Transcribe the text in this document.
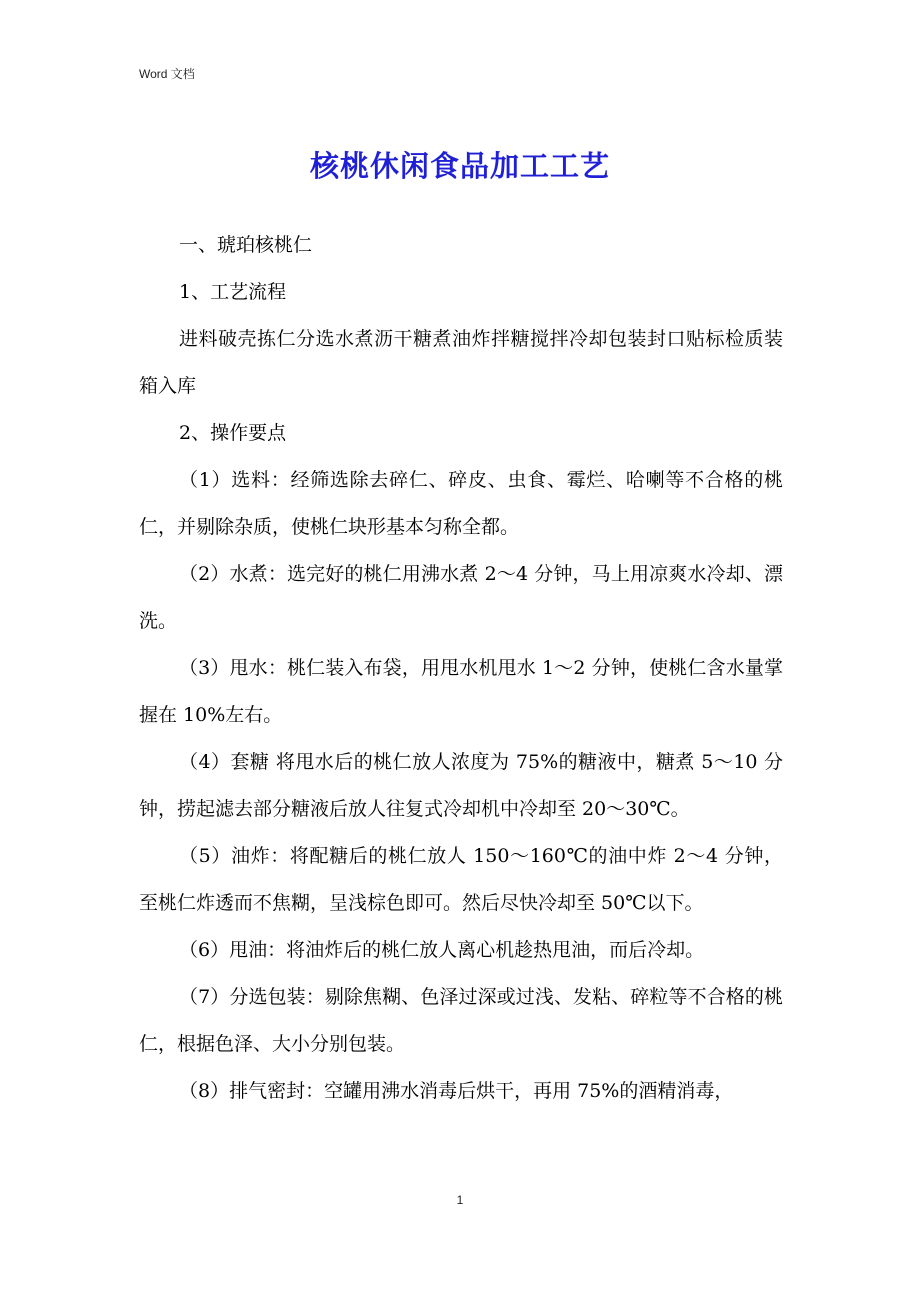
Word 文档
核桃休闲食品加工工艺

一、琥珀核桃仁

1、工艺流程

进料破壳拣仁分选水煮沥干糖煮油炸拌糖搅拌冷却包装封口贴标检质装箱入库

2、操作要点

（1）选料：经筛选除去碎仁、碎皮、虫食、霉烂、哈喇等不合格的桃仁，并剔除杂质，使桃仁块形基本匀称全都。

（2）水煮：选完好的桃仁用沸水煮 2～4 分钟，马上用凉爽水冷却、漂洗。

（3）甩水：桃仁装入布袋，用甩水机甩水 1～2 分钟，使桃仁含水量掌握在 10%左右。

（4）套糖 将甩水后的桃仁放人浓度为 75%的糖液中，糖煮 5～10 分钟，捞起滤去部分糖液后放人往复式冷却机中冷却至 20～30℃。

（5）油炸：将配糖后的桃仁放人 150～160℃的油中炸 2～4 分钟，至桃仁炸透而不焦糊，呈浅棕色即可。然后尽快冷却至 50℃以下。

（6）甩油：将油炸后的桃仁放人离心机趁热甩油，而后冷却。

（7）分选包装：剔除焦糊、色泽过深或过浅、发粘、碎粒等不合格的桃仁，根据色泽、大小分别包装。

（8）排气密封：空罐用沸水消毒后烘干，再用 75%的酒精消毒，

1
